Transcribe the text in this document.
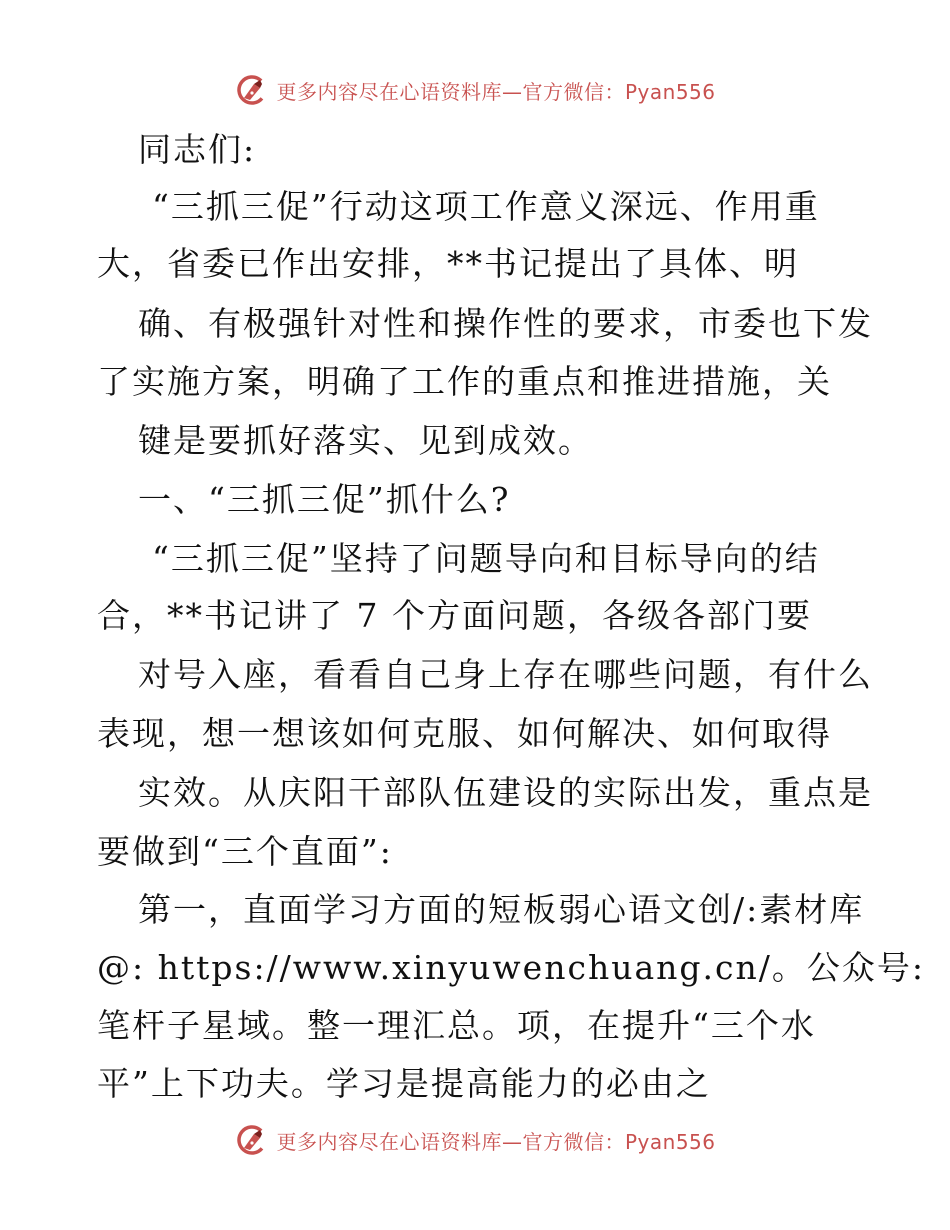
更多内容尽在心语资料库—官方微信：Pyan556
同志们:
“三抓三促”行动这项工作意义深远、作用重
大，省委已作出安排，**书记提出了具体、明
确、有极强针对性和操作性的要求，市委也下发
了实施方案，明确了工作的重点和推进措施，关
键是要抓好落实、见到成效。
一、“三抓三促”抓什么?
“三抓三促”坚持了问题导向和目标导向的结
合，**书记讲了 7 个方面问题，各级各部门要
对号入座，看看自己身上存在哪些问题，有什么
表现，想一想该如何克服、如何解决、如何取得
实效。从庆阳干部队伍建设的实际出发，重点是
要做到“三个直面”:
第一，直面学习方面的短板弱心语文创/:素材库
@: https://www.xinyuwenchuang.cn/。公众号:
笔杆子星域。整一理汇总。项，在提升“三个水
平”上下功夫。学习是提高能力的必由之
更多内容尽在心语资料库—官方微信：Pyan556
